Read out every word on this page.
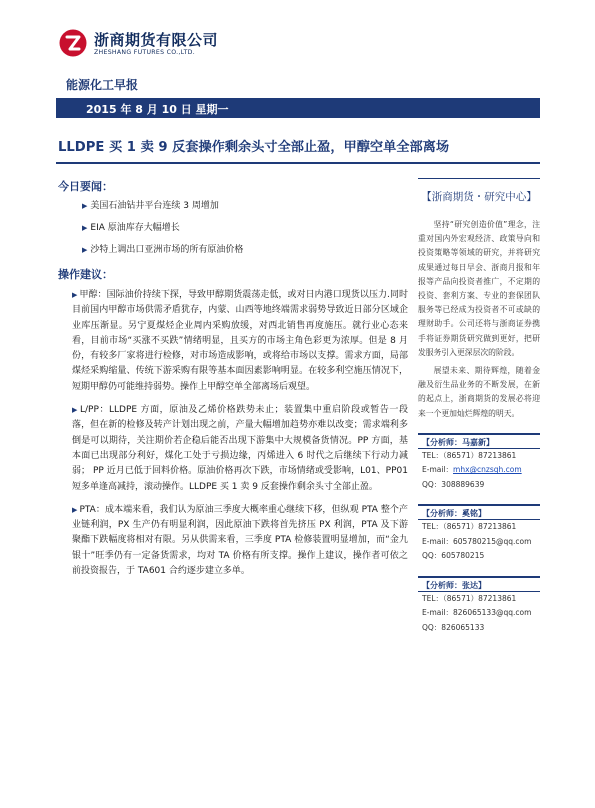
浙商期货有限公司
ZHESHANG FUTURES CO.,LTD.
能源化工早报
2015 年 8 月 10 日 星期一
LLDPE 买 1 卖 9 反套操作剩余头寸全部止盈，甲醇空单全部离场
今日要闻：
▶ 美国石油钻井平台连续 3 周增加
▶ EIA 原油库存大幅增长
▶ 沙特上调出口亚洲市场的所有原油价格
操作建议：
▶ 甲醇：国际油价持续下探，导致甲醇期货震荡走低，或对日内港口现货以压力.同时目前国内甲醇市场供需矛盾犹存，内蒙、山西等地终端需求弱势导致近日部分区域企业库压渐显。另宁夏煤烃企业周内采购放缓，对西北销售再度施压。就行业心态来看，目前市场“买涨不买跌”情绪明显，且买方的市场主角色彩更为浓厚。但是 8 月份，有较多厂家将进行检修，对市场造成影响，或将给市场以支撑。需求方面，局部煤烃采购缩量、传统下游采购有限等基本面因素影响明显。在较多利空施压情况下，短期甲醇仍可能维持弱势。操作上甲醇空单全部离场后观望。
▶ L/PP：LLDPE 方面，原油及乙烯价格跌势未止；装置集中重启阶段或暂告一段落，但在新的检修及转产计划出现之前，产量大幅增加趋势亦难以改变；需求端利多倒是可以期待，关注期价若企稳后能否出现下游集中大规模备货情况。PP 方面，基本面已出现部分利好，煤化工处于亏损边缘，丙烯进入 6 时代之后继续下行动力减弱； PP 近月已低于回料价格。原油价格再次下跌，市场情绪或受影响，L01、PP01 短多单逢高减持，滚动操作。LLDPE 买 1 卖 9 反套操作剩余头寸全部止盈。
▶ PTA：成本端来看，我们认为原油三季度大概率重心继续下移，但纵观 PTA 整个产业链利润，PX 生产仍有明显利润，因此原油下跌将首先挤压 PX 利润，PTA 及下游聚酯下跌幅度将相对有限。另从供需来看，三季度 PTA 检修装置明显增加，而“金九银十”旺季仍有一定备货需求，均对 TA 价格有所支撑。操作上建议，操作者可依之前投资报告，于 TA601 合约逐步建立多单。
【浙商期货・研究中心】
坚持“研究创造价值”理念，注重对国内外宏观经济、政策导向和投资策略等领域的研究，并将研究成果通过每日早会、浙商月报和年报等产品向投资者推广，不定期的投资、套利方案、专业的套保团队服务等已经成为投资者不可或缺的理财助手。公司还将与浙商证券携手将证券期货研究做到更好，把研发服务引入更深层次的阶段。
展望未来、期待辉煌，随着金融及衍生品业务的不断发展，在新的起点上，浙商期货的发展必将迎来一个更加灿烂辉煌的明天。
【分析师：马嘉新】
TEL：（86571）87213861
E-mail：mhx@cnzsqh.com
QQ：308889639
【分析师：奚铭】
TEL：（86571）87213861
E-mail：605780215@qq.com
QQ：605780215
【分析师：张达】
TEL：（86571）87213861
E-mail：826065133@qq.com
QQ：826065133
